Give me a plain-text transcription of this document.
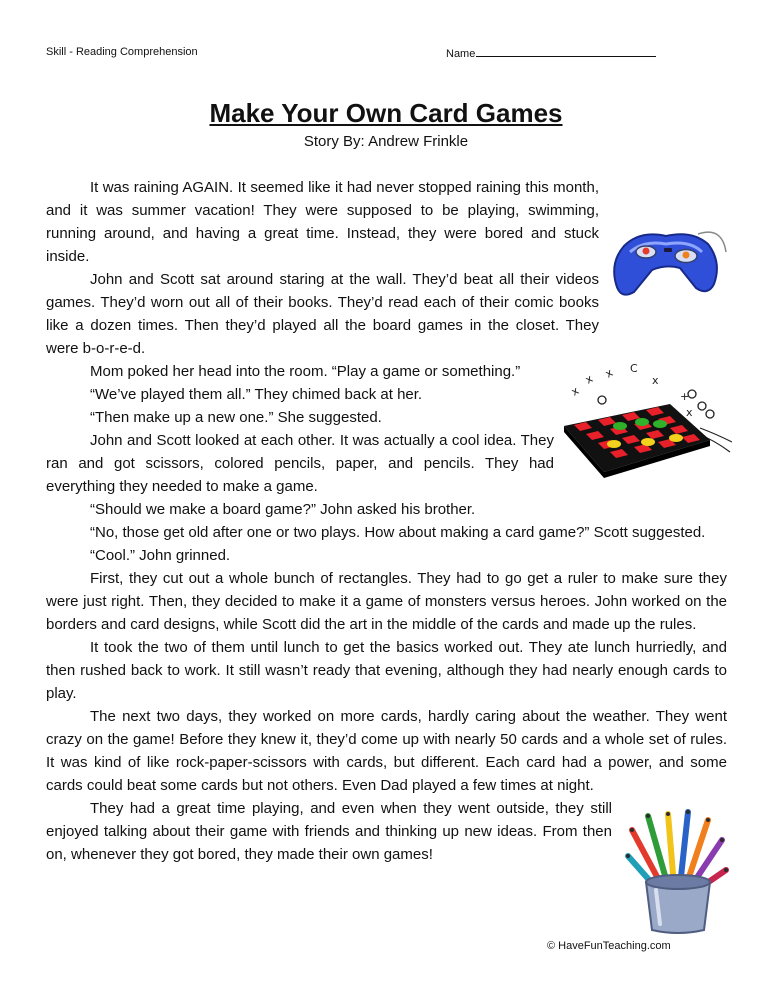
Skill - Reading Comprehension	Name
Make Your Own Card Games
Story By: Andrew Frinkle

It was raining AGAIN. It seemed like it had never stopped raining this month, and it was summer vacation! They were supposed to be playing, swimming, running around, and having a great time. Instead, they were bored and stuck inside.

John and Scott sat around staring at the wall. They’d beat all their videos games. They’d worn out all of their books. They’d read each of their comic books like a dozen times. Then they’d played all the board games in the closet. They were b-o-r-e-d.

Mom poked her head into the room. “Play a game or something.”

“We’ve played them all.” They chimed back at her.

“Then make up a new one.” She suggested.

John and Scott looked at each other. It was actually a cool idea. They ran and got scissors, colored pencils, paper, and pencils. They had everything they needed to make a game.

“Should we make a board game?” John asked his brother.

“No, those get old after one or two plays. How about making a card game?” Scott suggested.

“Cool.” John grinned.

First, they cut out a whole bunch of rectangles. They had to go get a ruler to make sure they were just right. Then, they decided to make it a game of monsters versus heroes. John worked on the borders and card designs, while Scott did the art in the middle of the cards and made up the rules.

It took the two of them until lunch to get the basics worked out. They ate lunch hurriedly, and then rushed back to work. It still wasn’t ready that evening, although they had nearly enough cards to play.

The next two days, they worked on more cards, hardly caring about the weather. They went crazy on the game! Before they knew it, they’d come up with nearly 50 cards and a whole set of rules. It was kind of like rock-paper-scissors with cards, but different. Each card had a power, and some cards could beat some cards but not others. Even Dad played a few times at night.

They had a great time playing, and even when they went outside, they still enjoyed talking about their game with friends and thinking up new ideas. From then on, whenever they got bored, they made their own games!

x
x x C
x
+
x
© HaveFunTeaching.com
